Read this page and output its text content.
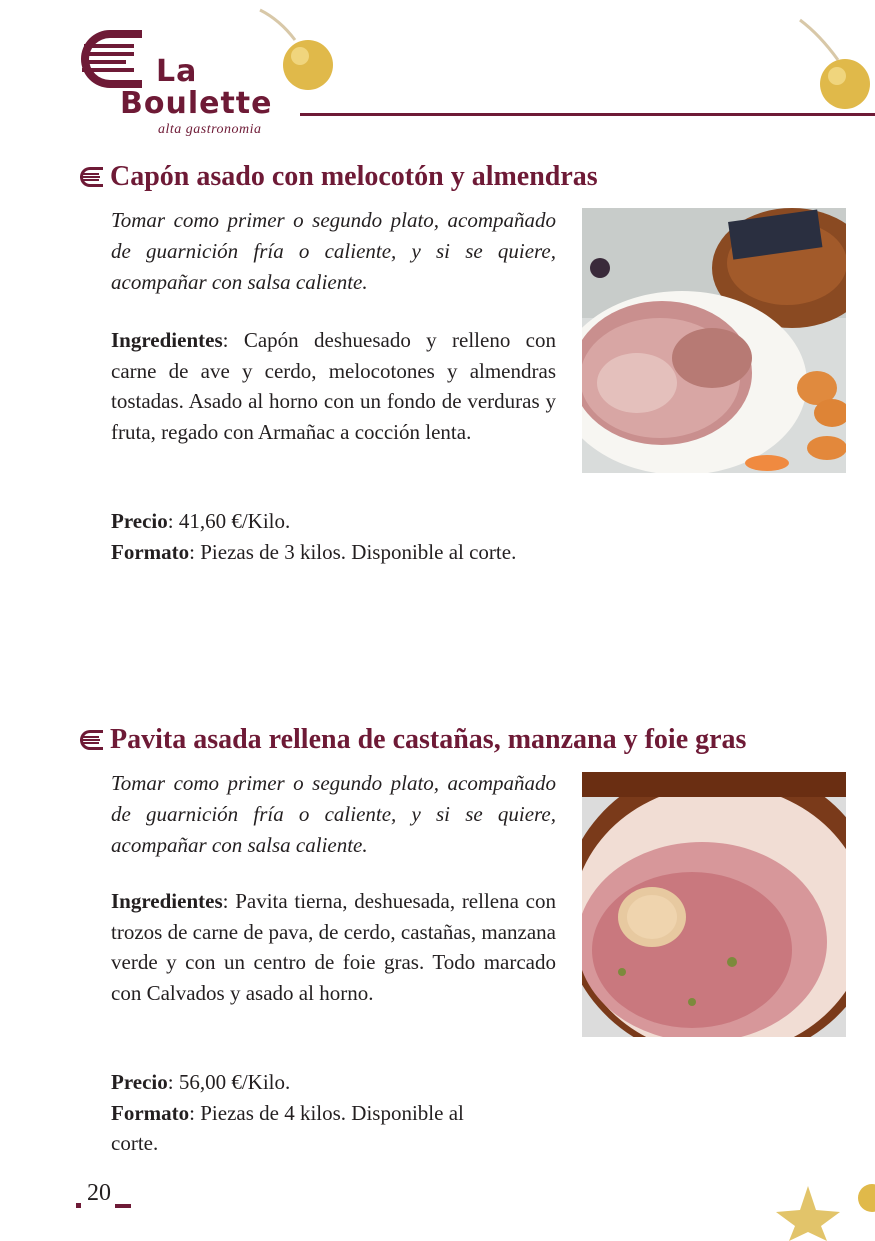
La
Boulette
alta gastronomia
Capón asado con melocotón y almendras

Tomar como primer o segundo plato, acompañado de guarnición fría o caliente, y si se quiere, acompañar con salsa caliente.

Ingredientes: Capón deshuesado y relleno con carne de ave y cerdo, melocotones y almendras tostadas. Asado al horno con un fondo de verduras y fruta, regado con Armañac a cocción lenta.
Precio: 41,60 €/Kilo.
Formato: Piezas de 3 kilos. Disponible al corte.
Pavita asada rellena de castañas, manzana y foie gras

Tomar como primer o segundo plato, acompañado de guarnición fría o caliente, y si se quiere, acompañar con salsa caliente.

Ingredientes: Pavita tierna, deshuesada, rellena con trozos de carne de pava, de cerdo, castañas, manzana verde y con un centro de foie gras. Todo marcado con Calvados y asado al horno.
Precio: 56,00 €/Kilo.
Formato: Piezas de 4 kilos. Disponible al corte.
20
